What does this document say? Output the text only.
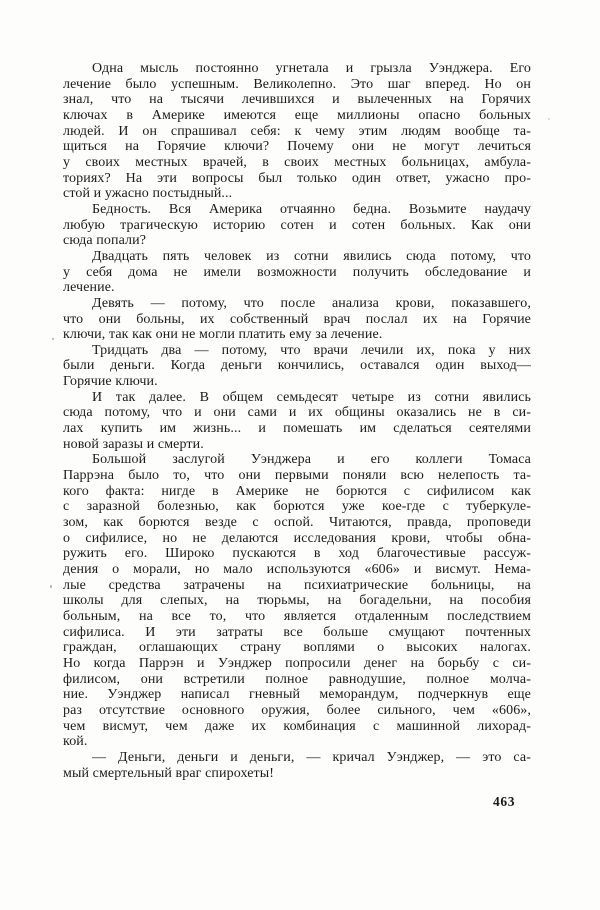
Одна мысль постоянно угнетала и грызла Уэнджера. Его
лечение было успешным. Великолепно. Это шаг вперед. Но он
знал, что на тысячи лечившихся и вылеченных на Горячих
ключах в Америке имеются еще миллионы опасно больных
людей. И он спрашивал себя: к чему этим людям вообще та-
щиться на Горячие ключи? Почему они не могут лечиться
у своих местных врачей, в своих местных больницах, амбула-
ториях? На эти вопросы был только один ответ, ужасно про-
стой и ужасно постыдный...
Бедность. Вся Америка отчаянно бедна. Возьмите наудачу
любую трагическую историю сотен и сотен больных. Как они
сюда попали?
Двадцать пять человек из сотни явились сюда потому, что
у себя дома не имели возможности получить обследование и
лечение.
Девять — потому, что после анализа крови, показавшего,
что они больны, их собственный врач послал их на Горячие
ключи, так как они не могли платить ему за лечение.
Тридцать два — потому, что врачи лечили их, пока у них
были деньги. Когда деньги кончились, оставался один выход—
Горячие ключи.
И так далее. В общем семьдесят четыре из сотни явились
сюда потому, что и они сами и их общины оказались не в си-
лах купить им жизнь... и помешать им сделаться сеятелями
новой заразы и смерти.
Большой заслугой Уэнджера и его коллеги Томаса
Паррэна было то, что они первыми поняли всю нелепость та-
кого факта: нигде в Америке не борются с сифилисом как
с заразной болезнью, как борются уже кое-где с туберкуле-
зом, как борются везде с оспой. Читаются, правда, проповеди
о сифилисе, но не делаются исследования крови, чтобы обна-
ружить его. Широко пускаются в ход благочестивые рассуж-
дения о морали, но мало используются «606» и висмут. Нема-
лые средства затрачены на психиатрические больницы, на
школы для слепых, на тюрьмы, на богадельни, на пособия
больным, на все то, что является отдаленным последствием
сифилиса. И эти затраты все больше смущают почтенных
граждан, оглашающих страну воплями о высоких налогах.
Но когда Паррэн и Уэнджер попросили денег на борьбу с си-
филисом, они встретили полное равнодушие, полное молча-
ние. Уэнджер написал гневный меморандум, подчеркнув еще
раз отсутствие основного оружия, более сильного, чем «606»,
чем висмут, чем даже их комбинация с машинной лихорад-
кой.
— Деньги, деньги и деньги, — кричал Уэнджер, — это са-
мый смертельный враг спирохеты!
463
